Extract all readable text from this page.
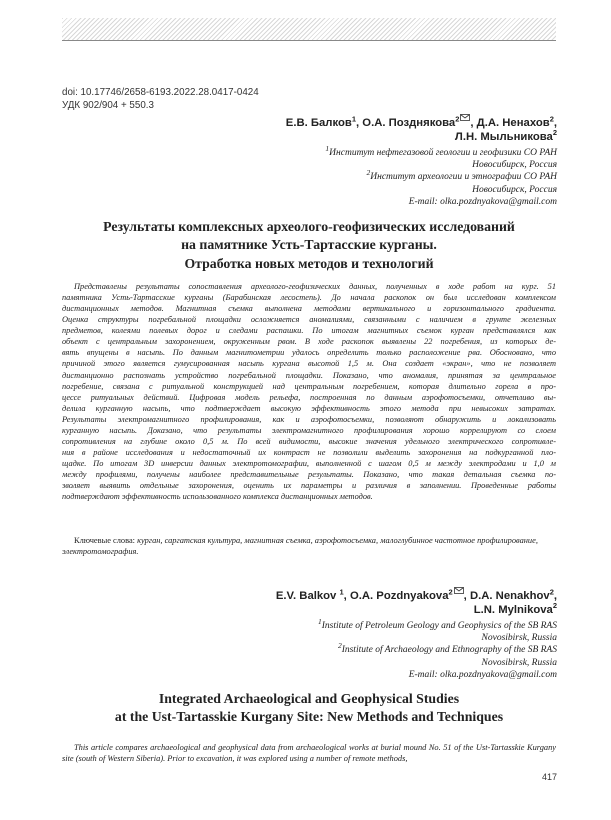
doi: 10.17746/2658-6193.2022.28.0417-0424
УДК 902/904 + 550.3
Е.В. Балков$^1$, О.А. Позднякова$^2$ , Д.А. Ненахов$^2$,
Л.Н. Мыльникова$^2$
$^1$Институт нефтегазовой геологии и геофизики СО РАН
Новосибирск, Россия
$^2$Институт археологии и этнографии СО РАН
Новосибирск, Россия
E-mail: olka.pozdnyakova@gmail.com
Результаты комплексных археолого-геофизических исследований
на памятнике Усть-Тартасские курганы.
Отработка новых методов и технологий

Представлены результаты сопоставления археолого-геофизических данных, полученных в ходе работ на кург. 51
памятника Усть-Тартасские курганы (Барабинская лесостепь). До начала раскопок он был исследован комплексом
дистанционных методов. Магнитная съемка выполнена методами вертикального и горизонтального градиента.
Оценка структуры погребальной площадки осложняется аномалиями, связанными с наличием в грунте железных
предметов, колеями полевых дорог и следами распашки. По итогам магнитных съемок курган представлялся как
объект с центральным захоронением, окруженным рвом. В ходе раскопок выявлены 22 погребения, из которых де-
вять впущены в насыпь. По данным магнитометрии удалось определить только расположение рва. Обосновано, что
причиной этого является гумусированная насыпь кургана высотой 1,5 м. Она создает «экран», что не позволяет
дистанционно распознать устройство погребальной площадки. Показано, что аномалия, принятая за центральное
погребение, связана с ритуальной конструкцией над центральным погребением, которая длительно горела в про-
цессе ритуальных действий. Цифровая модель рельефа, построенная по данным аэрофотосъемки, отчетливо вы-
делила курганную насыпь, что подтверждает высокую эффективность этого метода при невысоких затратах.
Результаты электромагнитного профилирования, как и аэрофотосъемки, позволяют обнаружить и локализовать
курганную насыпь. Доказано, что результаты электромагнитного профилирования хорошо коррелируют со слоем
сопротивления на глубине около 0,5 м. По всей видимости, высокие значения удельного электрического сопротивле-
ния в районе исследования и недостаточный их контраст не позволили выделить захоронения на подкурганной пло-
щадке. По итогам 3D инверсии данных электротомографии, выполненной с шагом 0,5 м между электродами и 1,0 м
между профилями, получены наиболее представительные результаты. Показано, что такая детальная съемка по-
зволяет выявить отдельные захоронения, оценить их параметры и различия в заполнении. Проведенные работы
подтверждают эффективность использованного комплекса дистанционных методов.

Ключевые слова: курган, саргатская культура, магнитная съемка, аэрофотосъемка, малоглубинное частотное профилирование, электротомография.

E.V. Balkov $^1$, O.A. Pozdnyakova$^2$ , D.A. Nenakhov$^2$,
L.N. Mylnikova$^2$
$^1$Institute of Petroleum Geology and Geophysics of the SB RAS
Novosibirsk, Russia
$^2$Institute of Archaeology and Ethnography of the SB RAS
Novosibirsk, Russia
E-mail: olka.pozdnyakova@gmail.com
Integrated Archaeological and Geophysical Studies
at the Ust-Tartasskie Kurgany Site: New Methods and Techniques

This article compares archaeological and geophysical data from archaeological works at burial mound No. 51 of the Ust-Tartasskie Kurgany site (south of Western Siberia). Prior to excavation, it was explored using a number of remote methods,

417
